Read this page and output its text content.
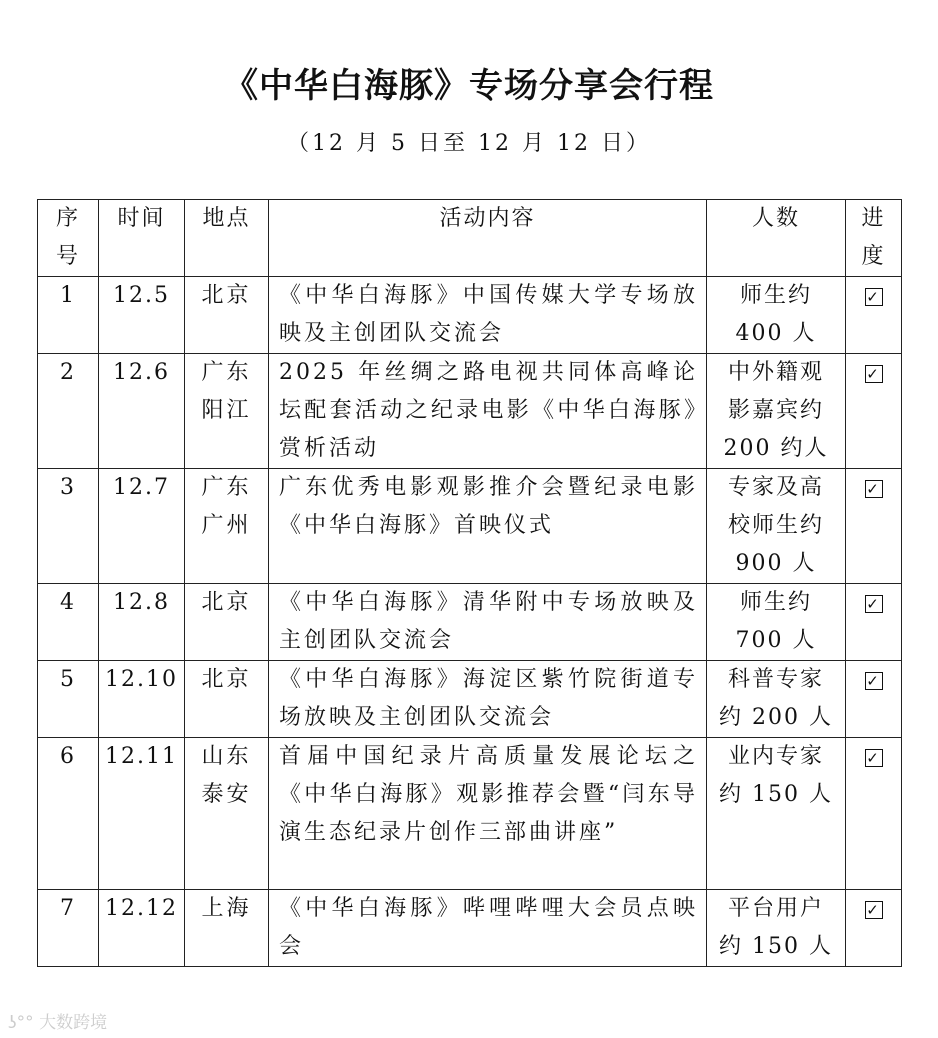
《中华白海豚》专场分享会行程
（12 月 5 日至 12 月 12 日）
序号	时间	地点	活动内容	人数	进度
1	12.5	北京	《中华白海豚》中国传媒大学专场放映及主创团队交流会	师生约 400 人	✓
2	12.6	广东阳江	2025 年丝绸之路电视共同体高峰论坛配套活动之纪录电影《中华白海豚》赏析活动	中外籍观影嘉宾约 200 约人	✓
3	12.7	广东广州	广东优秀电影观影推介会暨纪录电影《中华白海豚》首映仪式	专家及高校师生约 900 人	✓
4	12.8	北京	《中华白海豚》清华附中专场放映及主创团队交流会	师生约 700 人	✓
5	12.10	北京	《中华白海豚》海淀区紫竹院街道专场放映及主创团队交流会	科普专家约 200 人	✓
6	12.11	山东泰安	首届中国纪录片高质量发展论坛之《中华白海豚》观影推荐会暨“闫东导演生态纪录片创作三部曲讲座”	业内专家约 150 人	✓
7	12.12	上海	《中华白海豚》哔哩哔哩大会员点映会	平台用户约 150 人	✓
ʖ°° 大数跨境
